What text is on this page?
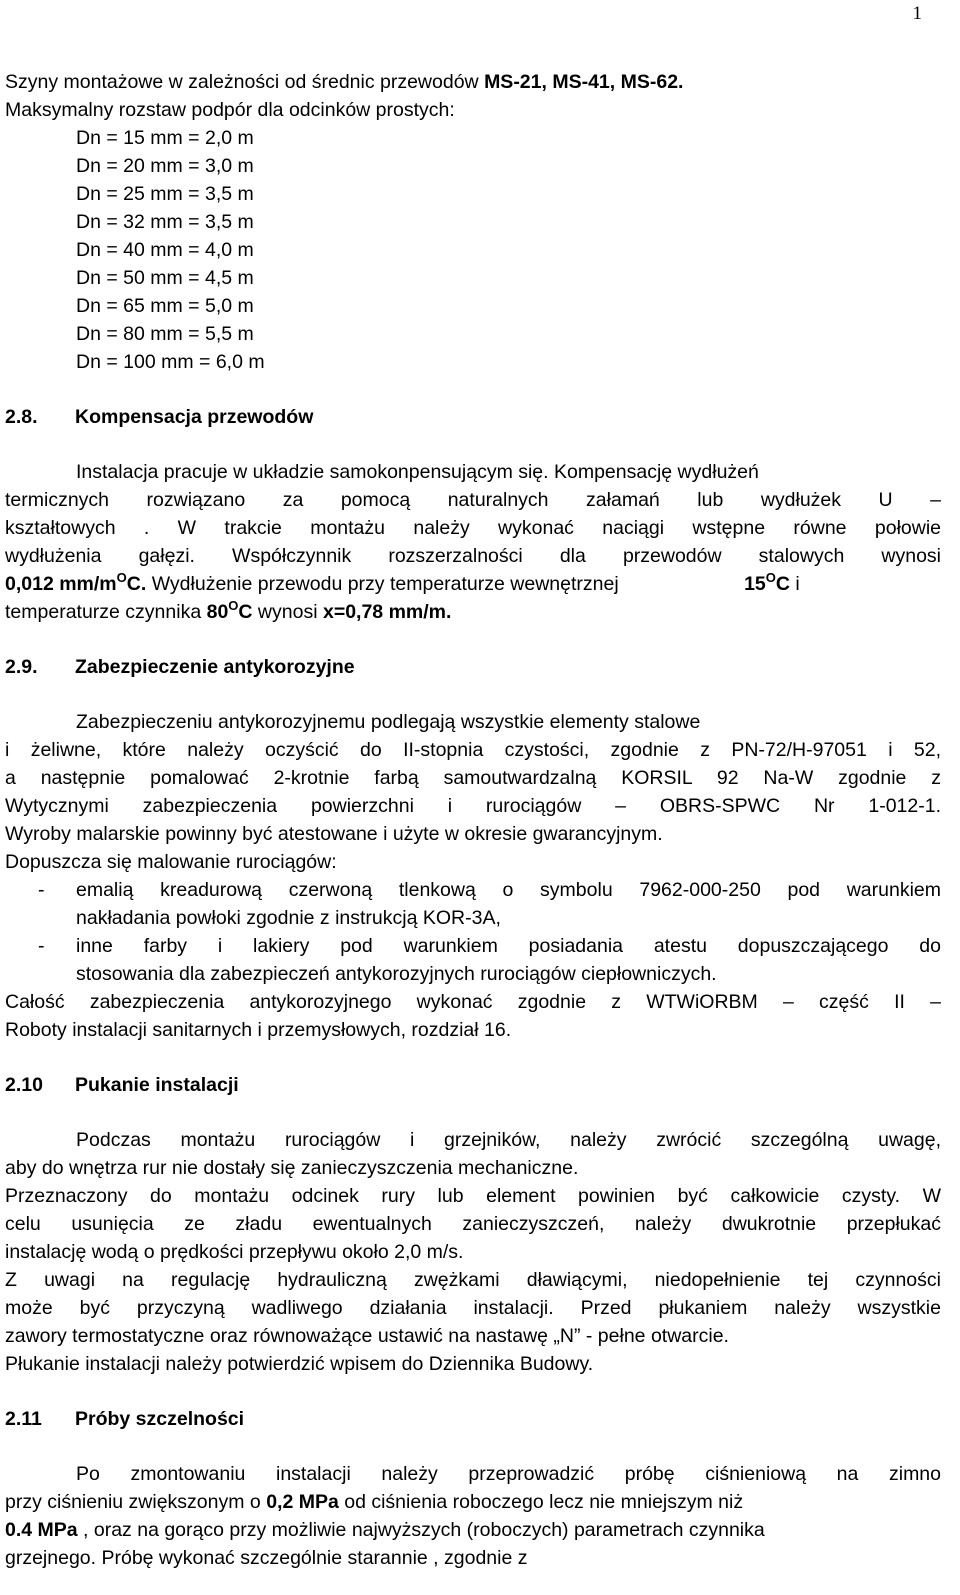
1
Szyny montażowe w zależności od średnic przewodów MS-21, MS-41, MS-62.
Maksymalny rozstaw podpór dla odcinków prostych:
Dn = 15 mm = 2,0 m
Dn = 20 mm = 3,0 m
Dn = 25 mm = 3,5 m
Dn = 32 mm = 3,5 m
Dn = 40 mm = 4,0 m
Dn = 50 mm = 4,5 m
Dn = 65 mm = 5,0 m
Dn = 80 mm = 5,5 m
Dn = 100 mm = 6,0 m
2.8. Kompensacja przewodów
Instalacja pracuje w układzie samokonpensującym się. Kompensację wydłużeń
termicznych rozwiązano za pomocą naturalnych załamań lub wydłużek U –
kształtowych . W trakcie montażu należy wykonać naciągi wstępne równe połowie
wydłużenia gałęzi. Współczynnik rozszerzalności dla przewodów stalowych wynosi
0,012 $mm/m^OC$. Wydłużenie przewodu przy temperaturze wewnętrznej	$15^OC$ i
temperaturze czynnika $80^OC$ wynosi x=0,78 mm/m.
2.9. Zabezpieczenie antykorozyjne
Zabezpieczeniu antykorozyjnemu podlegają wszystkie elementy stalowe
i żeliwne, które należy oczyścić do II-stopnia czystości, zgodnie z PN-72/H-97051 i 52,
a następnie pomalować 2-krotnie farbą samoutwardzalną KORSIL 92 Na-W zgodnie z
Wytycznymi zabezpieczenia powierzchni i rurociągów – OBRS-SPWC Nr 1-012-1.
Wyroby malarskie powinny być atestowane i użyte w okresie gwarancyjnym.
Dopuszcza się malowanie rurociągów:
-	emalią kreadurową czerwoną tlenkową o symbolu 7962-000-250 pod warunkiem
nakładania powłoki zgodnie z instrukcją KOR-3A,
-	inne farby i lakiery pod warunkiem posiadania atestu dopuszczającego do
stosowania dla zabezpieczeń antykorozyjnych rurociągów ciepłowniczych.
Całość zabezpieczenia antykorozyjnego wykonać zgodnie z WTWiORBM – część II –
Roboty instalacji sanitarnych i przemysłowych, rozdział 16.
2.10 Pukanie instalacji
Podczas montażu rurociągów i grzejników, należy zwrócić szczególną uwagę,
aby do wnętrza rur nie dostały się zanieczyszczenia mechaniczne.
Przeznaczony do montażu odcinek rury lub element powinien być całkowicie czysty. W
celu usunięcia ze zładu ewentualnych zanieczyszczeń, należy dwukrotnie przepłukać
instalację wodą o prędkości przepływu około 2,0 m/s.
Z uwagi na regulację hydrauliczną zwężkami dławiącymi, niedopełnienie tej czynności
może być przyczyną wadliwego działania instalacji. Przed płukaniem należy wszystkie
zawory termostatyczne oraz równoważące ustawić na nastawę „N” - pełne otwarcie.
Płukanie instalacji należy potwierdzić wpisem do Dziennika Budowy.
2.11 Próby szczelności
Po zmontowaniu instalacji należy przeprowadzić próbę ciśnieniową na zimno
przy ciśnieniu zwiększonym o 0,2 MPa od ciśnienia roboczego lecz nie mniejszym niż
0.4 MPa , oraz na gorąco przy możliwie najwyższych (roboczych) parametrach czynnika
grzejnego. Próbę wykonać szczególnie starannie , zgodnie z
